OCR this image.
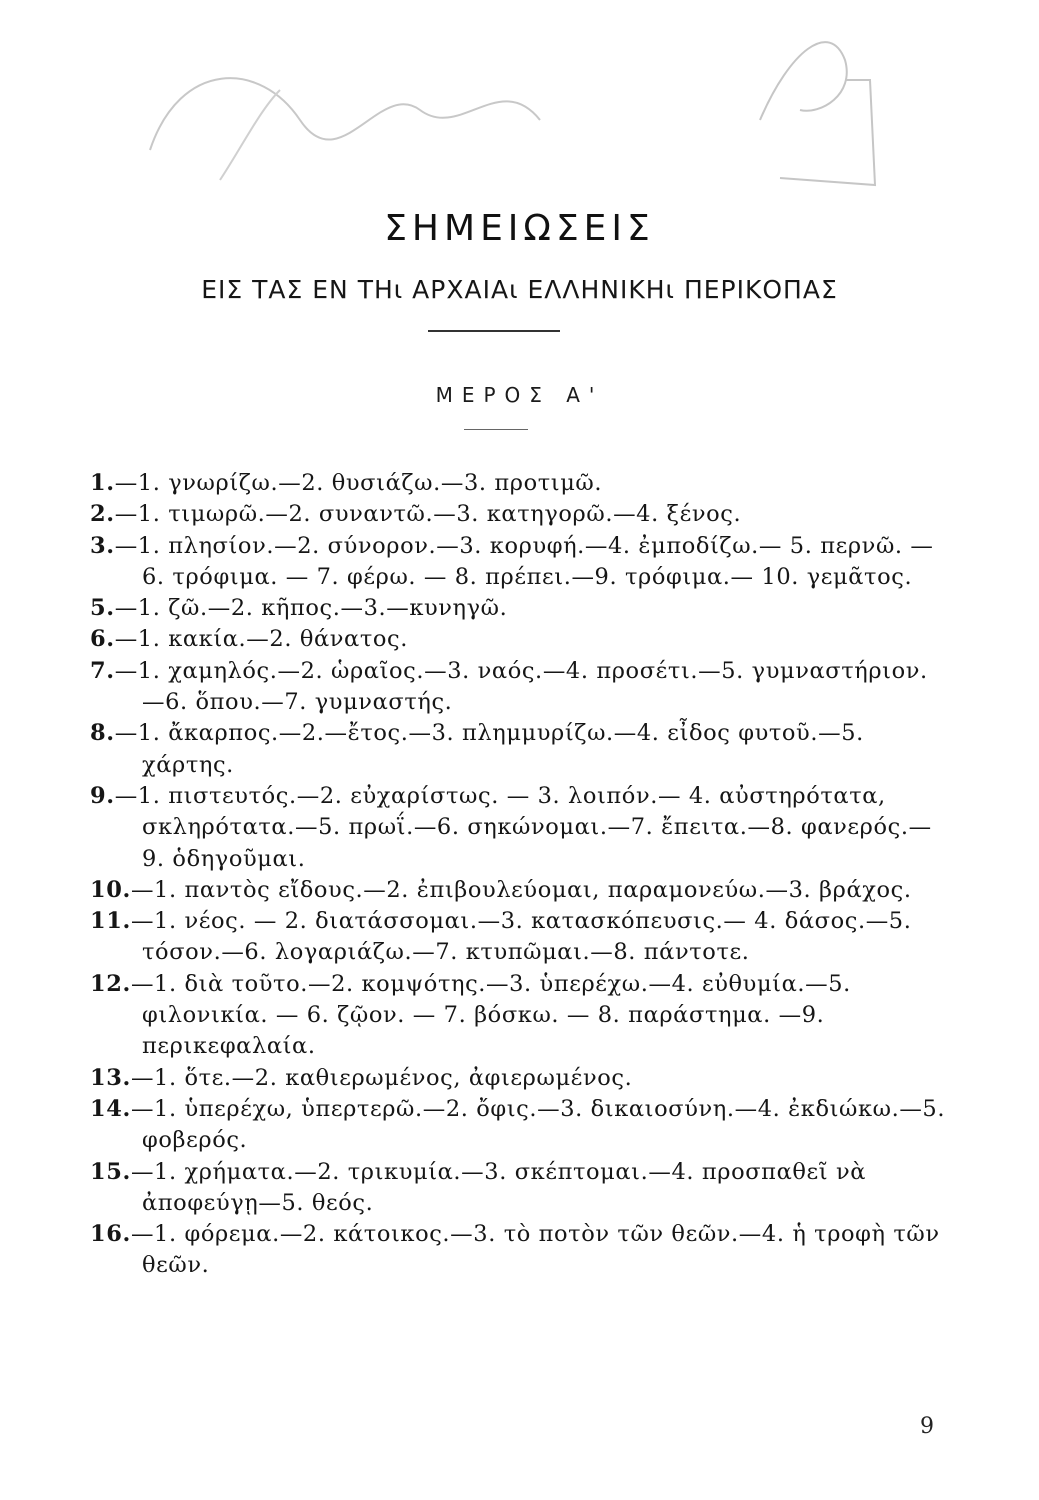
ΣΗΜΕΙΩΣΕΙΣ
ΕΙΣ ΤΑΣ ΕΝ ΤΗι ΑΡΧΑΙΑι ΕΛΛΗΝΙΚΗι ΠΕΡΙΚΟΠΑΣ
ΜΕΡΟΣ Α'

1.—1. γνωρίζω.—2. θυσιάζω.—3. προτιμῶ.

2.—1. τιμωρῶ.—2. συναντῶ.—3. κατηγορῶ.—4. ξένος.

3.—1. πλησίον.—2. σύνορον.—3. κορυφή.—4. ἐμποδίζω.— 5. περνῶ. — 6. τρόφιμα. — 7. φέρω. — 8. πρέπει.—9. τρόφιμα.— 10. γεμᾶτος.

5.—1. ζῶ.—2. κῆπος.—3.—κυνηγῶ.

6.—1. κακία.—2. θάνατος.

7.—1. χαμηλός.—2. ὡραῖος.—3. ναός.—4. προσέτι.—5. γυμναστήριον.—6. ὅπου.—7. γυμναστής.

8.—1. ἄκαρπος.—2.—ἔτος.—3. πλημμυρίζω.—4. εἶδος φυτοῦ.—5. χάρτης.

9.—1. πιστευτός.—2. εὐχαρίστως. — 3. λοιπόν.— 4. αὐστηρότατα, σκληρότατα.—5. πρωΐ.—6. σηκώνομαι.—7. ἔπειτα.—8. φανερός.—9. ὁδηγοῦμαι.

10.—1. παντὸς εἴδους.—2. ἐπιβουλεύομαι, παραμονεύω.—3. βράχος.

11.—1. νέος. — 2. διατάσσομαι.—3. κατασκόπευσις.— 4. δάσος.—5. τόσον.—6. λογαριάζω.—7. κτυπῶμαι.—8. πάντοτε.

12.—1. διὰ τοῦτο.—2. κομψότης.—3. ὑπερέχω.—4. εὐθυμία.—5. φιλονικία. — 6. ζῷον. — 7. βόσκω. — 8. παράστημα. —9. περικεφαλαία.

13.—1. ὅτε.—2. καθιερωμένος, ἀφιερωμένος.

14.—1. ὑπερέχω, ὑπερτερῶ.—2. ὄφις.—3. δικαιοσύνη.—4. ἐκδιώκω.—5. φοβερός.

15.—1. χρήματα.—2. τρικυμία.—3. σκέπτομαι.—4. προσπαθεῖ νὰ ἀποφεύγῃ—5. θεός.

16.—1. φόρεμα.—2. κάτοικος.—3. τὸ ποτὸν τῶν θεῶν.—4. ἡ τροφὴ τῶν θεῶν.

9
